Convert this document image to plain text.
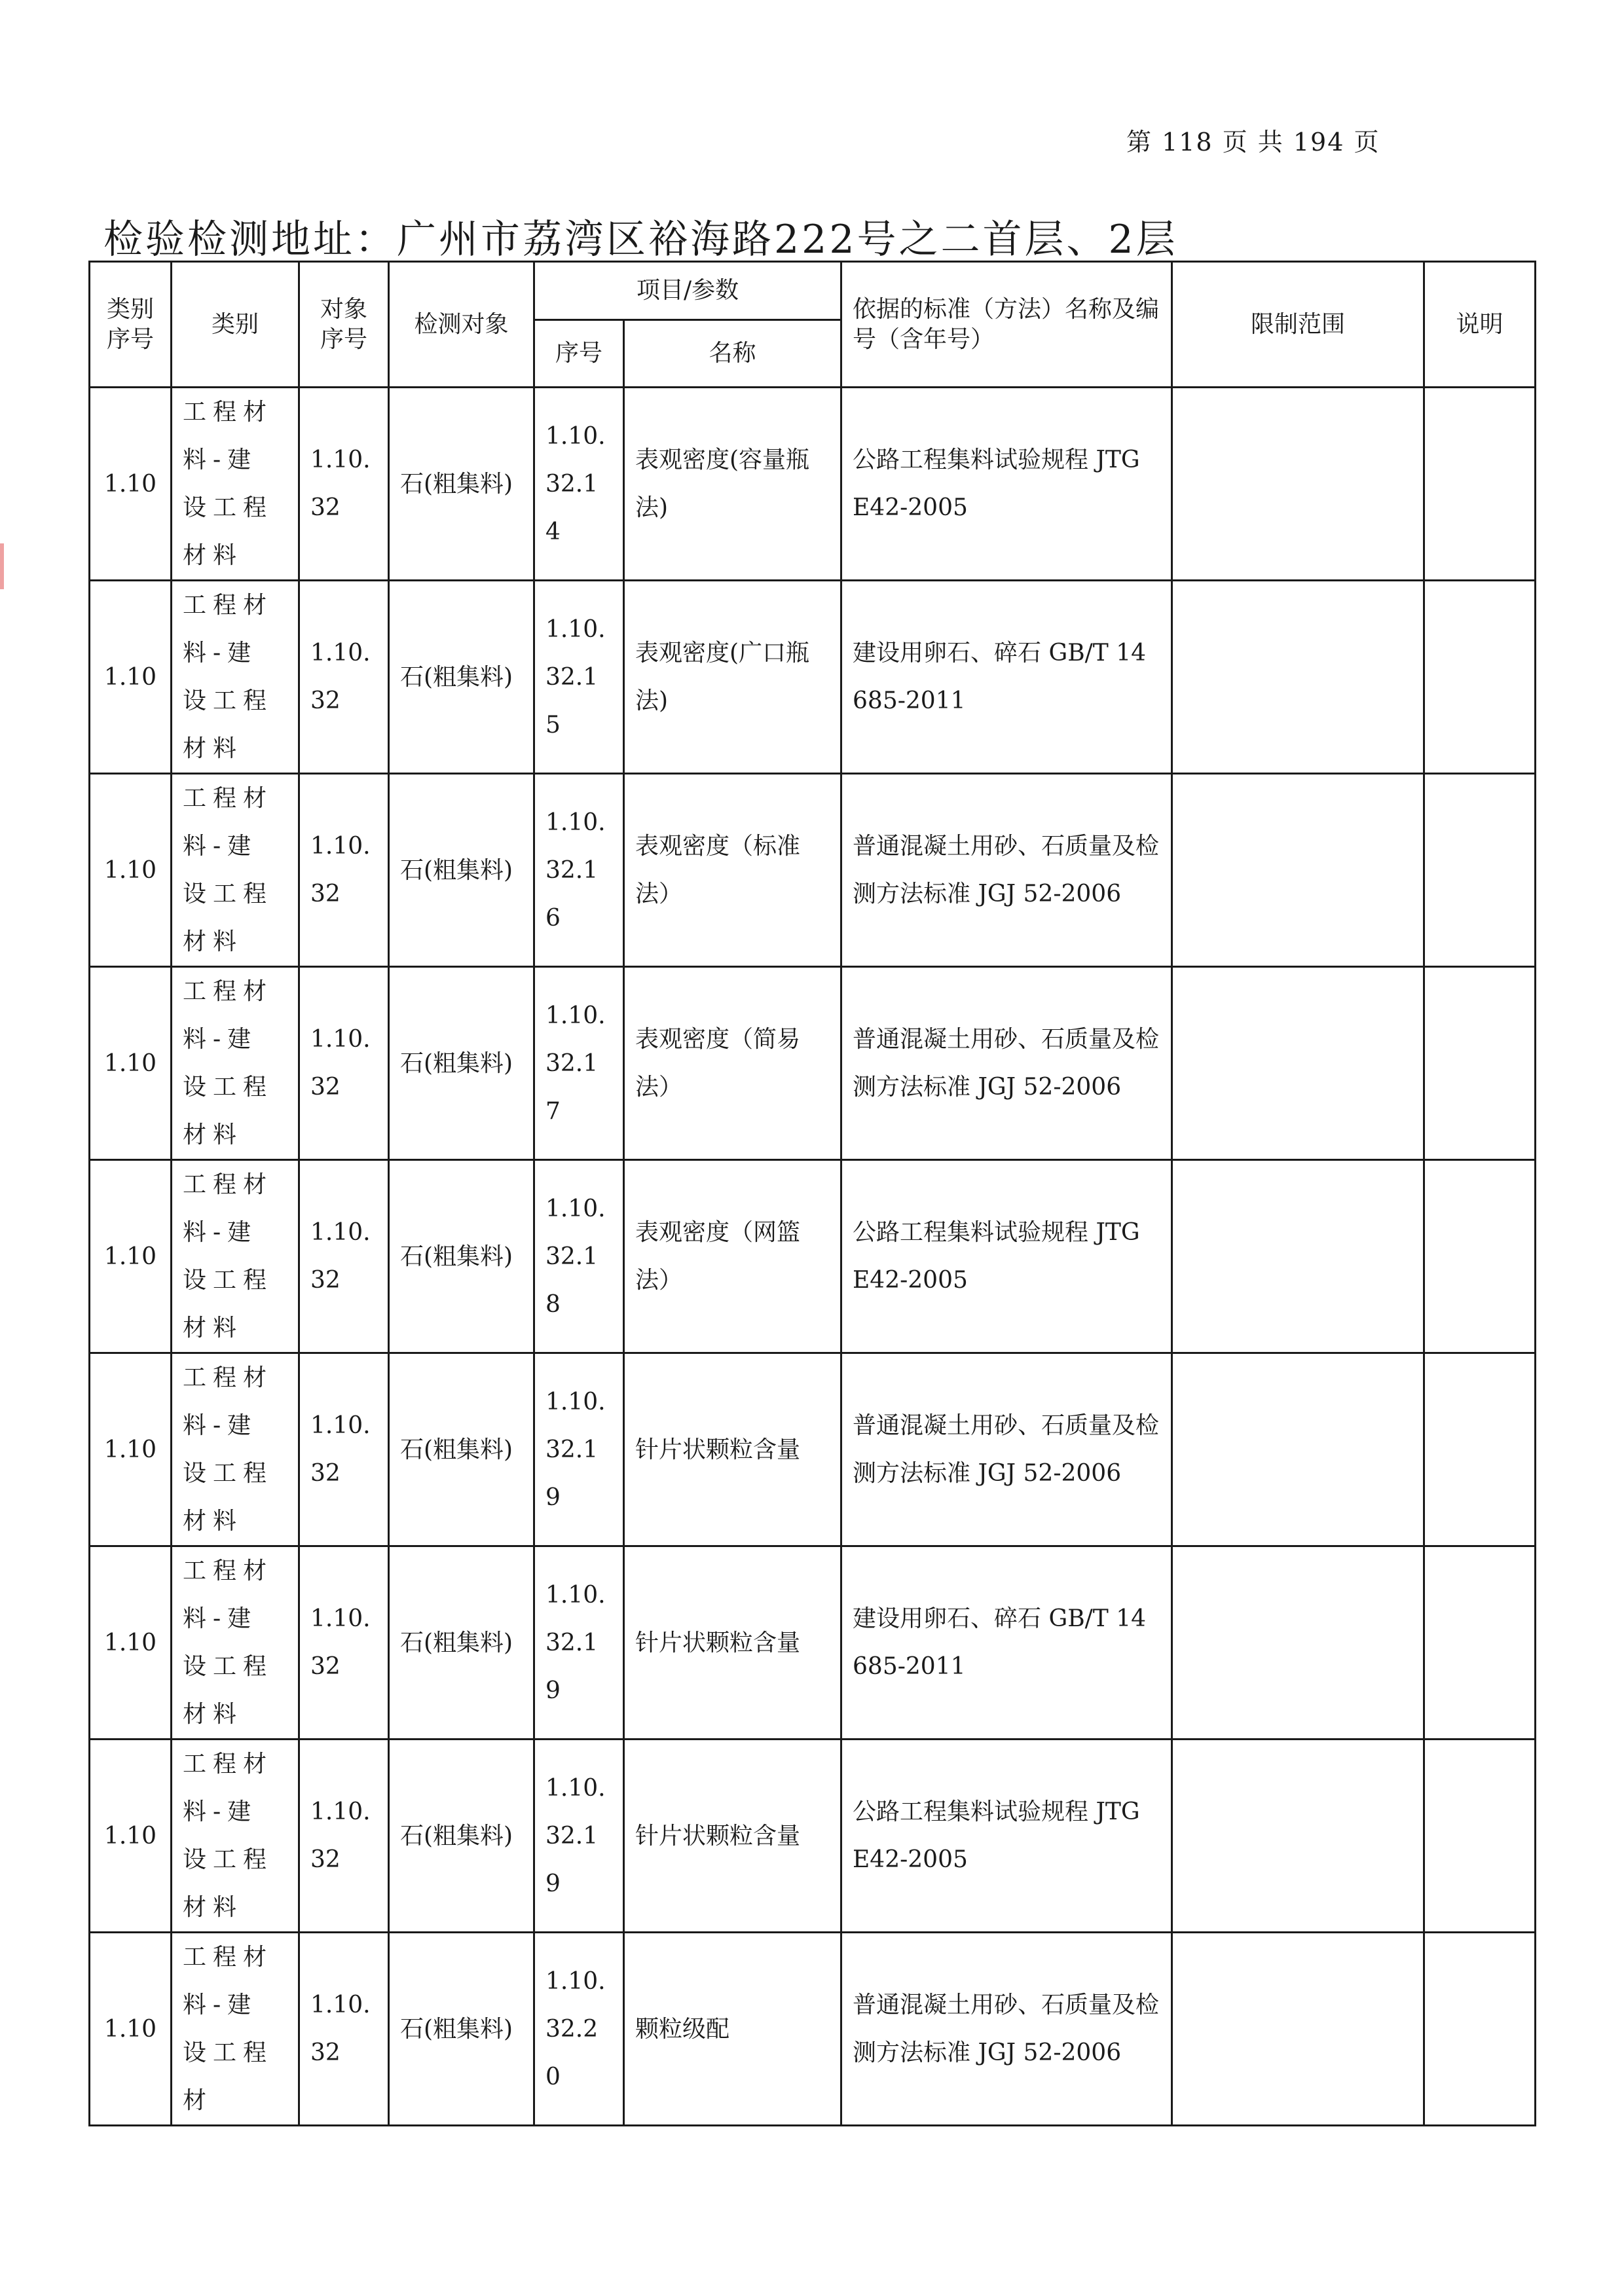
第 118 页 共 194 页
检验检测地址：广州市荔湾区裕海路222号之二首层、2层
类别序号	类别	对象序号	检测对象	项目/参数		依据的标准（方法）名称及编号（含年号）	限制范围	说明
				序号	名称			
1.10	工程材料-建设工程材料	1.10.32	石(粗集料)	1.10.32.14	表观密度(容量瓶法)	公路工程集料试验规程 JTG E42-2005		
1.10	工程材料-建设工程材料	1.10.32	石(粗集料)	1.10.32.15	表观密度(广口瓶法)	建设用卵石、碎石 GB/T 14685-2011		
1.10	工程材料-建设工程材料	1.10.32	石(粗集料)	1.10.32.16	表观密度（标准法）	普通混凝土用砂、石质量及检测方法标准 JGJ 52-2006		
1.10	工程材料-建设工程材料	1.10.32	石(粗集料)	1.10.32.17	表观密度（简易法）	普通混凝土用砂、石质量及检测方法标准 JGJ 52-2006		
1.10	工程材料-建设工程材料	1.10.32	石(粗集料)	1.10.32.18	表观密度（网篮法）	公路工程集料试验规程 JTG E42-2005		
1.10	工程材料-建设工程材料	1.10.32	石(粗集料)	1.10.32.19	针片状颗粒含量	普通混凝土用砂、石质量及检测方法标准 JGJ 52-2006		
1.10	工程材料-建设工程材料	1.10.32	石(粗集料)	1.10.32.19	针片状颗粒含量	建设用卵石、碎石 GB/T 14685-2011		
1.10	工程材料-建设工程材料	1.10.32	石(粗集料)	1.10.32.19	针片状颗粒含量	公路工程集料试验规程 JTG E42-2005		
1.10	工程材料-建设工程材	1.10.32	石(粗集料)	1.10.32.20	颗粒级配	普通混凝土用砂、石质量及检测方法标准 JGJ 52-2006		
